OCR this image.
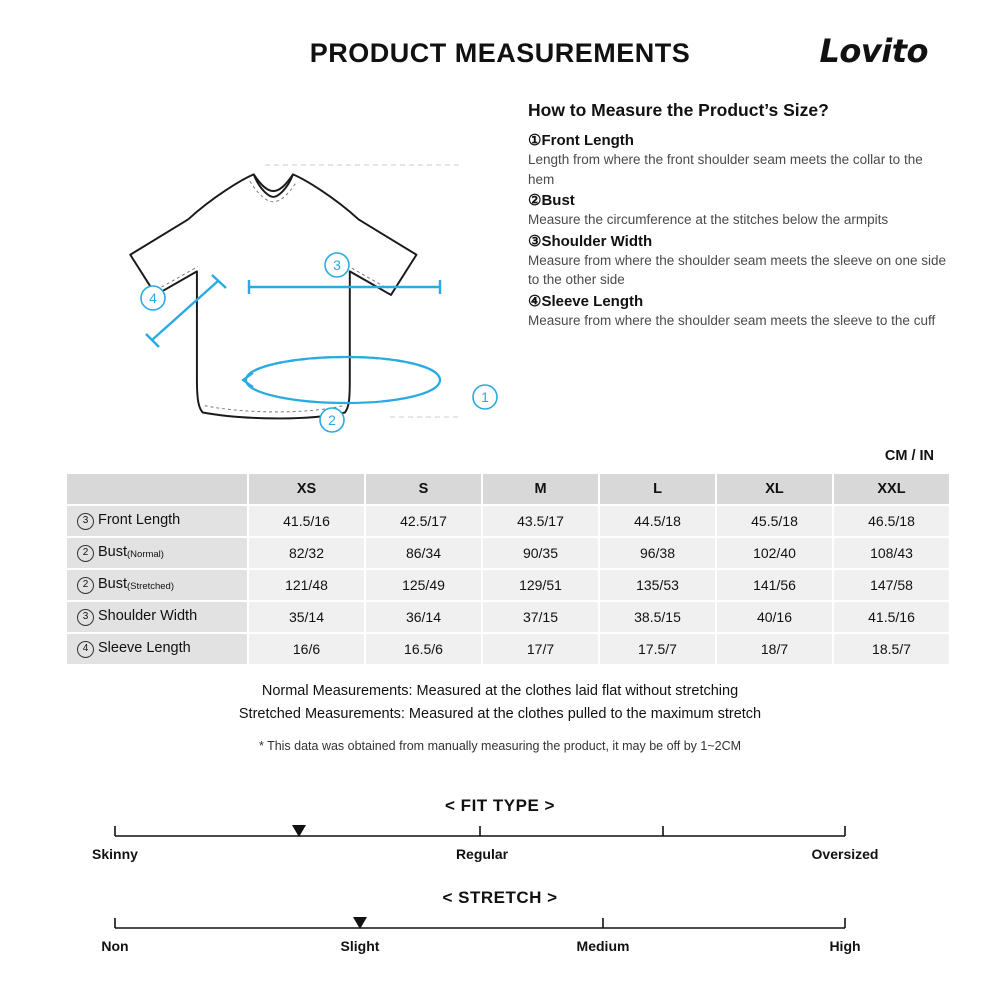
PRODUCT MEASUREMENTS	Lovito
3
4
2
1
How to Measure the Product’s Size?
①Front Length
Length from where the front shoulder seam meets the collar to the hem
②Bust
Measure the circumference at the stitches below the armpits
③Shoulder Width
Measure from where the shoulder seam meets the sleeve on one side to the other side
④Sleeve Length
Measure from where the shoulder seam meets the sleeve to the cuff
CM / IN
	XS	S	M	L	XL	XXL
3 Front Length	41.5/16	42.5/17	43.5/17	44.5/18	45.5/18	46.5/18
2 Bust(Normal)	82/32	86/34	90/35	96/38	102/40	108/43
2 Bust(Stretched)	121/48	125/49	129/51	135/53	141/56	147/58
3 Shoulder Width	35/14	36/14	37/15	38.5/15	40/16	41.5/16
4 Sleeve Length	16/6	16.5/6	17/7	17.5/7	18/7	18.5/7
Normal Measurements: Measured at the clothes laid flat without stretching
Stretched Measurements: Measured at the clothes pulled to the maximum stretch
* This data was obtained from manually measuring the product, it may be off by 1~2CM
< FIT TYPE >
Skinny	Regular	Oversized
< STRETCH >
Non	Slight	Medium	High
